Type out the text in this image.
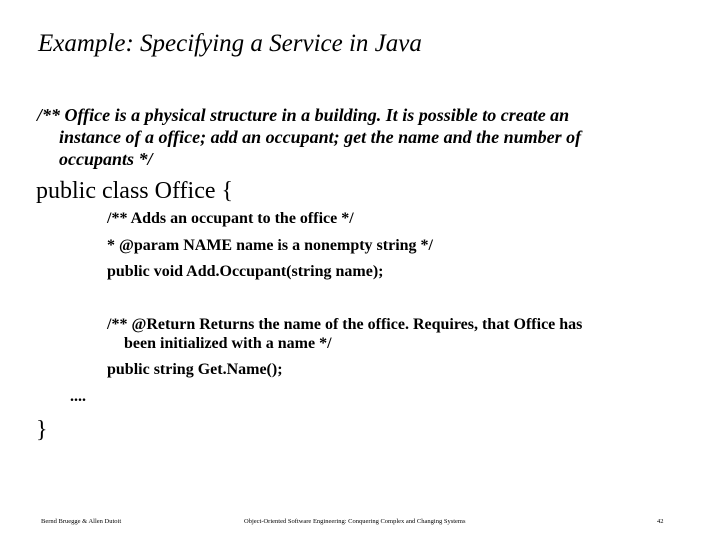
Example: Specifying a Service in Java
/** Office is a physical structure in a building. It is possible to create an
instance of a office; add an occupant; get the name and the number of
occupants */
public class Office {
/** Adds an occupant to the office */
* @param NAME name is a nonempty string */
public void Add.Occupant(string name);
/** @Return Returns the name of the office. Requires, that Office has
been initialized with a name */
public string Get.Name();
....
}
Bernd Bruegge & Allen Dutoit	Object-Oriented Software Engineering: Conquering Complex and Changing Systems	42
